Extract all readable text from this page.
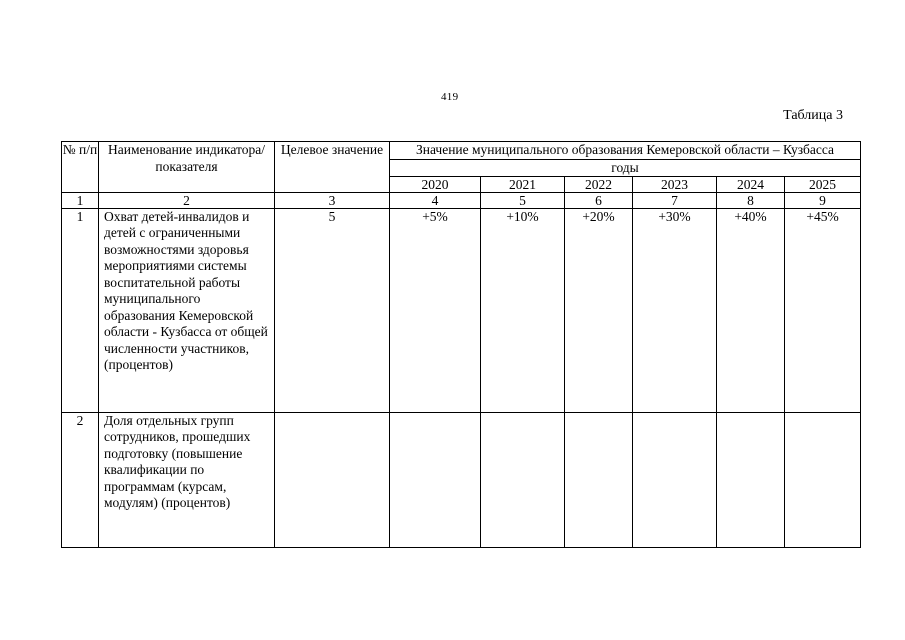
419
Таблица 3
№ п/п	Наименование индикатора/ показателя	Целевое значение	Значение муниципального образования Кемеровской области – Кузбасса					
			годы					
			2020	2021	2022	2023	2024	2025
1	2	3	4	5	6	7	8	9
1	Охват детей-инвалидов и детей с ограниченными возможностями здоровья мероприятиями системы воспитательной работы муниципального образования Кемеровской области - Кузбасса от общей численности участников, (процентов)	5	+5%	+10%	+20%	+30%	+40%	+45%
2	Доля отдельных групп сотрудников, прошедших подготовку (повышение квалификации по программам (курсам, модулям) (процентов)							
